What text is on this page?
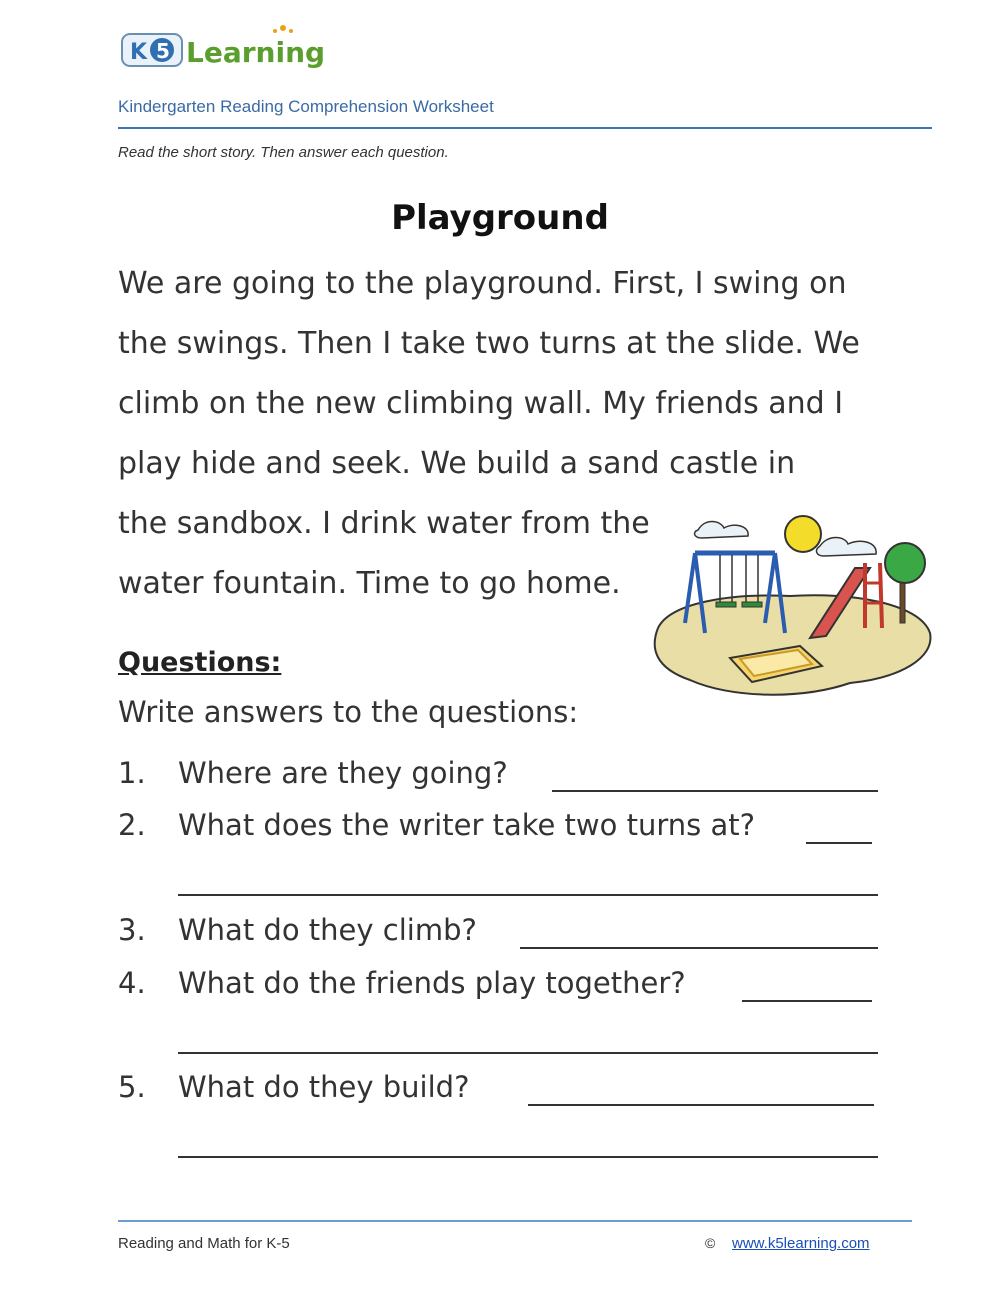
K 5 Learning
Kindergarten Reading Comprehension Worksheet
Read the short story. Then answer each question.
Playground
We are going to the playground. First, I swing on
the swings. Then I take two turns at the slide. We
climb on the new climbing wall. My friends and I
play hide and seek. We build a sand castle in
the sandbox. I drink water from the
water fountain. Time to go home.
Questions:
Write answers to the questions:
1.	Where are they going?
2.	What does the writer take two turns at?
3.	What do they climb?
4.	What do the friends play together?
5.	What do they build?
Reading and Math for K-5	© www.k5learning.com
